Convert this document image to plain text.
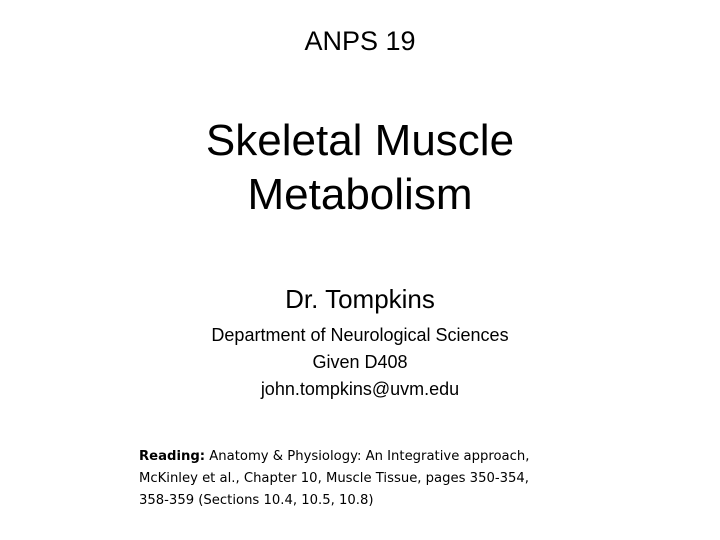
ANPS 19
Skeletal Muscle
Metabolism
Dr. Tompkins
Department of Neurological Sciences
Given D408
john.tompkins@uvm.edu
Reading: Anatomy & Physiology: An Integrative approach,
McKinley et al., Chapter 10, Muscle Tissue, pages 350-354,
358-359 (Sections 10.4, 10.5, 10.8)
